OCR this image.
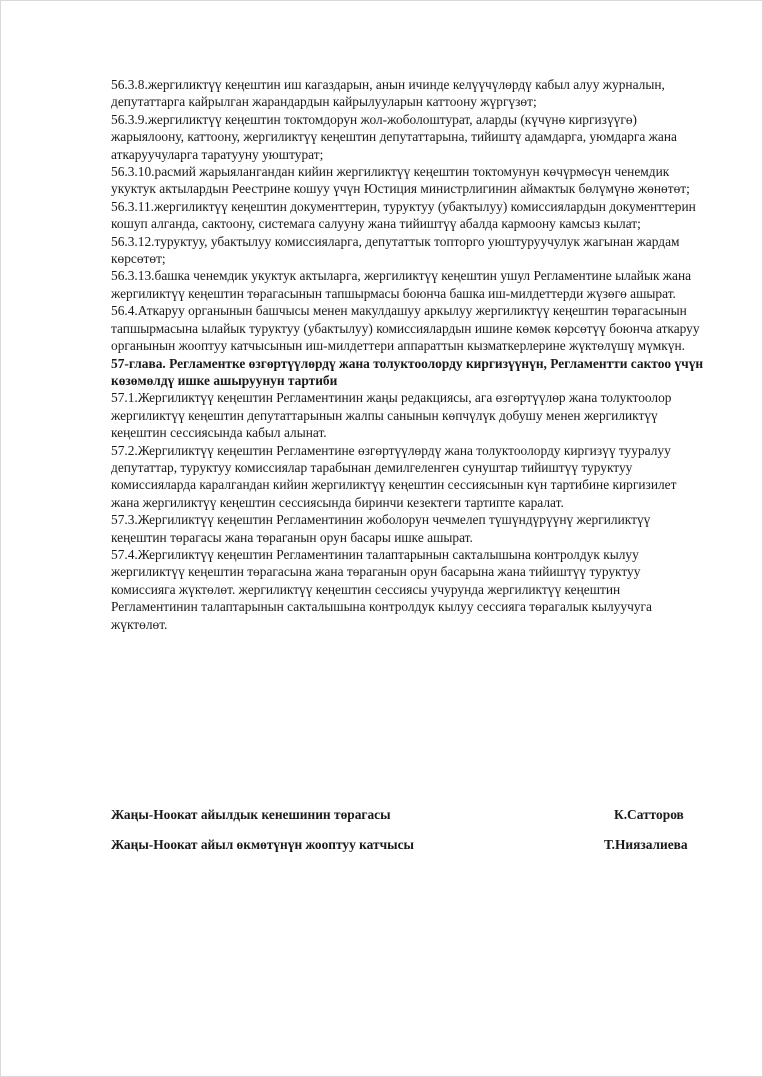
56.3.8.жергиликтүү кеңештин иш кагаздарын, анын ичинде келүүчүлөрдү кабыл алуу журналын, депутаттарга кайрылган жарандардын кайрылууларын каттоону жүргүзөт;

56.3.9.жергиликтүү кеңештин токтомдорун жол-жоболоштурат, аларды (күчүнө киргизүүгө) жарыялоону, каттоону, жергиликтүү кеңештин депутаттарына, тийиштү адамдарга, уюмдарга жана аткаруучуларга таратууну уюштурат;

56.3.10.расмий жарыялангандан кийин жергиликтүү кеңештин токтомунун көчүрмөсүн ченемдик укуктук актылардын Реестрине кошуу үчүн Юстиция министрлигинин аймактык бөлүмүнө жөнөтөт;

56.3.11.жергиликтүү кеңештин документтерин, туруктуу (убактылуу) комиссиялардын документтерин кошуп алганда, сактоону, системага салууну жана тийиштүү абалда кармоону камсыз кылат;

56.3.12.туруктуу, убактылуу комиссияларга, депутаттык топторго уюштуруучулук жагынан жардам көрсөтөт;

56.3.13.башка ченемдик укуктук актыларга, жергиликтүү кеңештин ушул Регламентине ылайык жана жергиликтүү кеңештин төрагасынын тапшырмасы боюнча башка иш-милдеттерди жүзөгө ашырат.

56.4.Аткаруу органынын башчысы менен макулдашуу аркылуу жергиликтүү кеңештин төрагасынын тапшырмасына ылайык туруктуу (убактылуу) комиссиялардын ишине көмөк көрсөтүү боюнча аткаруу органынын жооптуу катчысынын иш-милдеттери аппараттын кызматкерлерине жүктөлүшү мүмкүн.

57-глава. Регламентке өзгөртүүлөрдү жана толуктоолорду киргизүүнүн, Регламентти сактоо үчүн көзөмөлдү ишке ашыруунун тартиби

57.1.Жергиликтүү кеңештин Регламентинин жаңы редакциясы, ага өзгөртүүлөр жана толуктоолор жергиликтүү кеңештин депутаттарынын жалпы санынын көпчүлүк добушу менен жергиликтүү кеңештин сессиясында кабыл алынат.

57.2.Жергиликтүү кеңештин Регламентине өзгөртүүлөрдү жана толуктоолорду киргизүү тууралуу депутаттар, туруктуу комиссиялар тарабынан демилгеленген сунуштар тийиштүү туруктуу комиссияларда каралгандан кийин жергиликтүү кеңештин сессиясынын күн тартибине киргизилет жана жергиликтүү кеңештин сессиясында биринчи кезектеги тартипте каралат.

57.3.Жергиликтүү кеңештин Регламентинин жоболорун чечмелеп түшүндүрүүнү жергиликтүү кеңештин төрагасы жана төраганын орун басары ишке ашырат.

57.4.Жергиликтүү кеңештин Регламентинин талаптарынын сакталышына контролдук кылуу жергиликтүү кеңештин төрагасына жана төраганын орун басарына жана тийиштүү туруктуу комиссияга жүктөлөт. жергиликтүү кеңештин сессиясы учурунда жергиликтүү кеңештин Регламентинин талаптарынын сакталышына контролдук кылуу сессияга төрагалык кылуучуга жүктөлөт.

Жаңы-Ноокат айылдык кенешинин төрагасы	К.Сатторов
Жаңы-Ноокат айыл өкмөтүнүн жооптуу катчысы	Т.Ниязалиева
